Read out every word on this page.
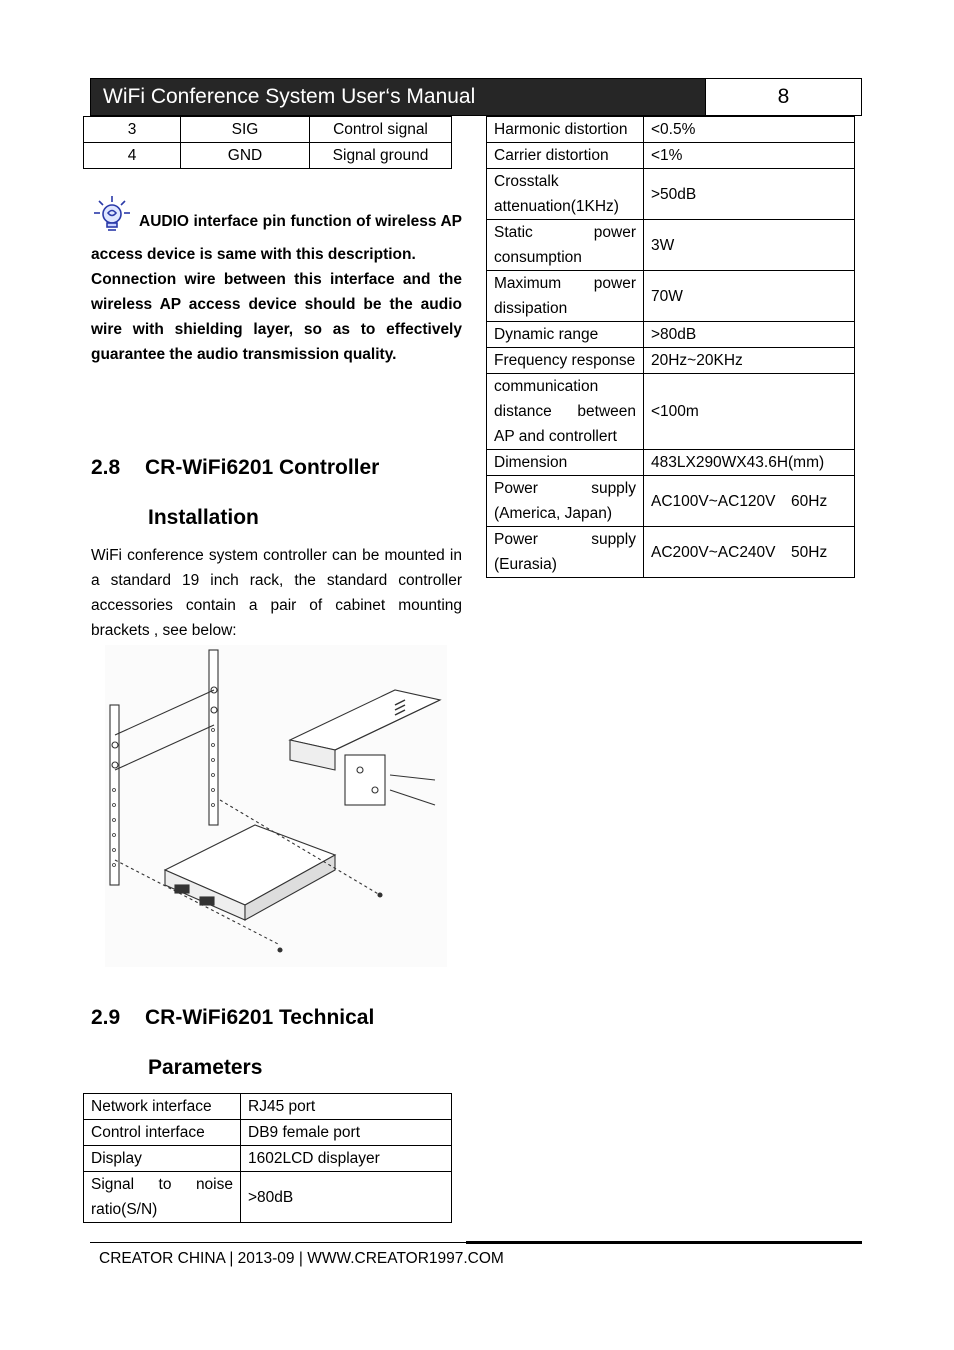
WiFi Conference System User‘s Manual	8
3	SIG	Control signal
4	GND	Signal ground

AUDIO interface pin function of wireless AP access device is same with this description.

Connection wire between this interface and the wireless AP access device should be the audio wire with shielding layer, so as to effectively guarantee the audio transmission quality.

2.8 CR-WiFi6201 Controller
Installation

WiFi conference system controller can be mounted in a standard 19 inch rack, the standard controller accessories contain a pair of cabinet mounting brackets , see below:

2.9 CR-WiFi6201 Technical
Parameters
Network interface	RJ45 port
Control interface	DB9 female port
Display	1602LCD displayer
Signal to noise ratio(S/N)	>80dB
Harmonic distortion	<0.5%
Carrier distortion	<1%
Crosstalk attenuation(1KHz)	>50dB
Static power consumption	3W
Maximum power dissipation	70W
Dynamic range	>80dB
Frequency response	20Hz~20KHz
communication distance between AP and controllert	<100m
Dimension	483LX290WX43.6H(mm)
Power supply (America, Japan)	AC100V~AC120V　60Hz
Power supply (Eurasia)	AC200V~AC240V　50Hz
CREATOR CHINA | 2013-09 | WWW.CREATOR1997.COM
